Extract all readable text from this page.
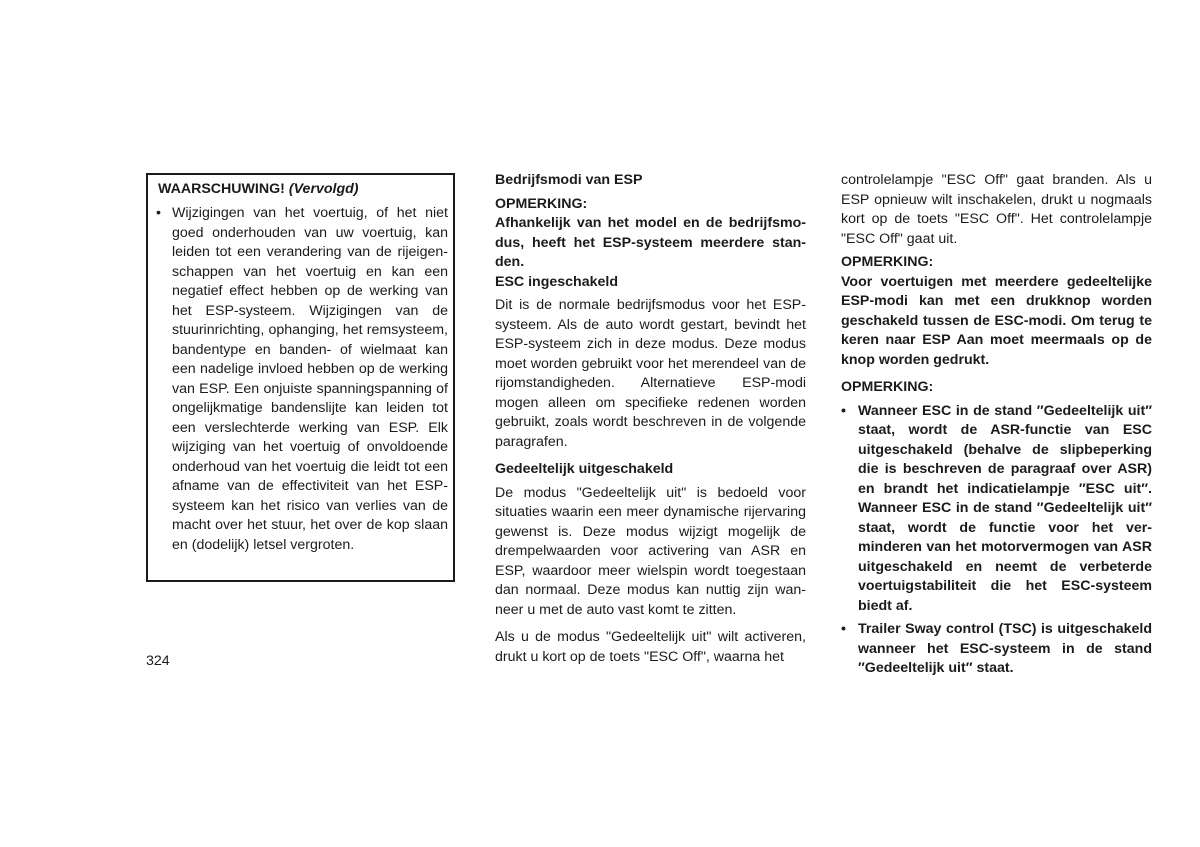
WAARSCHUWING! (Vervolgd)
• Wijzigingen van het voertuig, of het niet goed onderhouden van uw voertuig, kan leiden tot een verandering van de rijeigenschappen van het voertuig en kan een negatief effect hebben op de werking van het ESP-systeem. Wijzigingen van de stuurinrichting, ophanging, het remsysteem, bandentype en banden- of wielmaat kan een nadelige invloed hebben op de werking van ESP. Een onjuiste spanningspanning of ongelijkmatige bandenslijte kan leiden tot een verslechterde werking van ESP. Elk wijziging van het voertuig of onvoldoende onderhoud van het voertuig die leidt tot een afname van de effectiviteit van het ESP-systeem kan het risico van verlies van de macht over het stuur, het over de kop slaan en (dodelijk) letsel vergroten.
Bedrijfsmodi van ESP
OPMERKING:
Afhankelijk van het model en de bedrijfsmodus, heeft het ESP-systeem meerdere standen.
ESC ingeschakeld
Dit is de normale bedrijfsmodus voor het ESP-systeem. Als de auto wordt gestart, bevindt het ESP-systeem zich in deze modus. Deze modus moet worden gebruikt voor het merendeel van de rijomstandigheden. Alternatieve ESP-modi mogen alleen om specifieke redenen worden gebruikt, zoals wordt beschreven in de volgende paragrafen.
Gedeeltelijk uitgeschakeld
De modus "Gedeeltelijk uit" is bedoeld voor situaties waarin een meer dynamische rijervaring gewenst is. Deze modus wijzigt mogelijk de drempelwaarden voor activering van ASR en ESP, waardoor meer wielspin wordt toegestaan dan normaal. Deze modus kan nuttig zijn wanneer u met de auto vast komt te zitten.
Als u de modus "Gedeeltelijk uit" wilt activeren, drukt u kort op de toets "ESC Off", waarna het
controlelampje "ESC Off" gaat branden. Als u ESP opnieuw wilt inschakelen, drukt u nogmaals kort op de toets "ESC Off". Het controlelampje "ESC Off" gaat uit.
OPMERKING:
Voor voertuigen met meerdere gedeeltelijke ESP-modi kan met een drukknop worden geschakeld tussen de ESC-modi. Om terug te keren naar ESP Aan moet meermaals op de knop worden gedrukt.
OPMERKING:
• Wanneer ESC in de stand ″Gedeeltelijk uit″ staat, wordt de ASR-functie van ESC uitgeschakeld (behalve de slipbeperking die is beschreven de paragraaf over ASR) en brandt het indicatielampje ″ESC uit″. Wanneer ESC in de stand ″Gedeeltelijk uit″ staat, wordt de functie voor het verminderen van het motorvermogen van ASR uitgeschakeld en neemt de verbeterde voertuigstabiliteit die het ESC-systeem biedt af.
• Trailer Sway control (TSC) is uitgeschakeld wanneer het ESC-systeem in de stand ″Gedeeltelijk uit″ staat.
324
